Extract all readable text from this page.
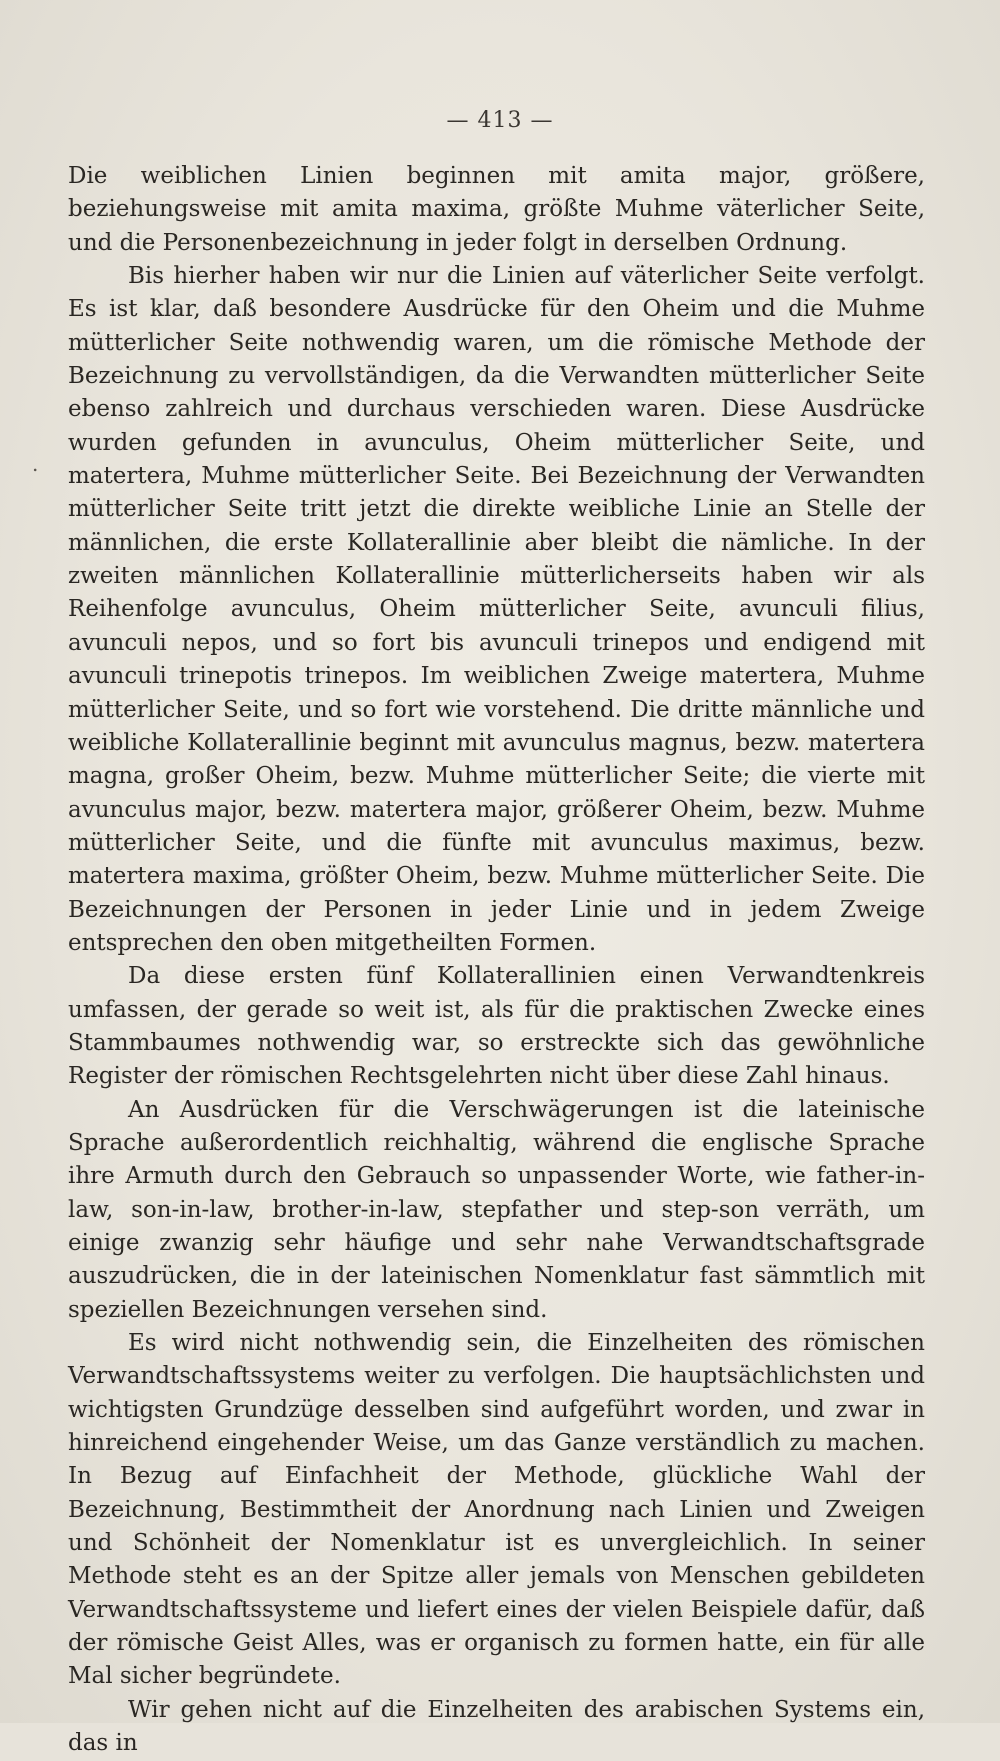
— 413 —
.

Die weiblichen Linien beginnen mit amita major, größere, beziehungsweise mit amita maxima, größte Muhme väterlicher Seite, und die Personenbezeichnung in jeder folgt in derselben Ordnung.

Bis hierher haben wir nur die Linien auf väterlicher Seite verfolgt. Es ist klar, daß besondere Ausdrücke für den Oheim und die Muhme mütterlicher Seite nothwendig waren, um die römische Methode der Bezeichnung zu vervollständigen, da die Verwandten mütterlicher Seite ebenso zahlreich und durchaus verschieden waren. Diese Ausdrücke wurden gefunden in avunculus, Oheim mütterlicher Seite, und matertera, Muhme mütterlicher Seite. Bei Bezeichnung der Verwandten mütterlicher Seite tritt jetzt die direkte weibliche Linie an Stelle der männlichen, die erste Kollaterallinie aber bleibt die nämliche. In der zweiten männlichen Kollaterallinie mütterlicherseits haben wir als Reihenfolge avunculus, Oheim mütterlicher Seite, avunculi filius, avunculi nepos, und so fort bis avunculi trinepos und endigend mit avunculi trinepotis trinepos. Im weiblichen Zweige matertera, Muhme mütterlicher Seite, und so fort wie vorstehend. Die dritte männliche und weibliche Kollaterallinie beginnt mit avunculus magnus, bezw. matertera magna, großer Oheim, bezw. Muhme mütterlicher Seite; die vierte mit avunculus major, bezw. matertera major, größerer Oheim, bezw. Muhme mütterlicher Seite, und die fünfte mit avunculus maximus, bezw. matertera maxima, größter Oheim, bezw. Muhme mütterlicher Seite. Die Bezeichnungen der Personen in jeder Linie und in jedem Zweige entsprechen den oben mitgetheilten Formen.

Da diese ersten fünf Kollaterallinien einen Verwandtenkreis umfassen, der gerade so weit ist, als für die praktischen Zwecke eines Stammbaumes nothwendig war, so erstreckte sich das gewöhnliche Register der römischen Rechtsgelehrten nicht über diese Zahl hinaus.

An Ausdrücken für die Verschwägerungen ist die lateinische Sprache außerordentlich reichhaltig, während die englische Sprache ihre Armuth durch den Gebrauch so unpassender Worte, wie father-in-law, son-in-law, brother-in-law, stepfather und step-son verräth, um einige zwanzig sehr häufige und sehr nahe Verwandtschaftsgrade auszudrücken, die in der lateinischen Nomenklatur fast sämmtlich mit speziellen Bezeichnungen versehen sind.

Es wird nicht nothwendig sein, die Einzelheiten des römischen Verwandtschaftssystems weiter zu verfolgen. Die hauptsächlichsten und wichtigsten Grundzüge desselben sind aufgeführt worden, und zwar in hinreichend eingehender Weise, um das Ganze verständlich zu machen. In Bezug auf Einfachheit der Methode, glückliche Wahl der Bezeichnung, Bestimmtheit der Anordnung nach Linien und Zweigen und Schönheit der Nomenklatur ist es unvergleichlich. In seiner Methode steht es an der Spitze aller jemals von Menschen gebildeten Verwandtschaftssysteme und liefert eines der vielen Beispiele dafür, daß der römische Geist Alles, was er organisch zu formen hatte, ein für alle Mal sicher begründete.

Wir gehen nicht auf die Einzelheiten des arabischen Systems ein, das in
